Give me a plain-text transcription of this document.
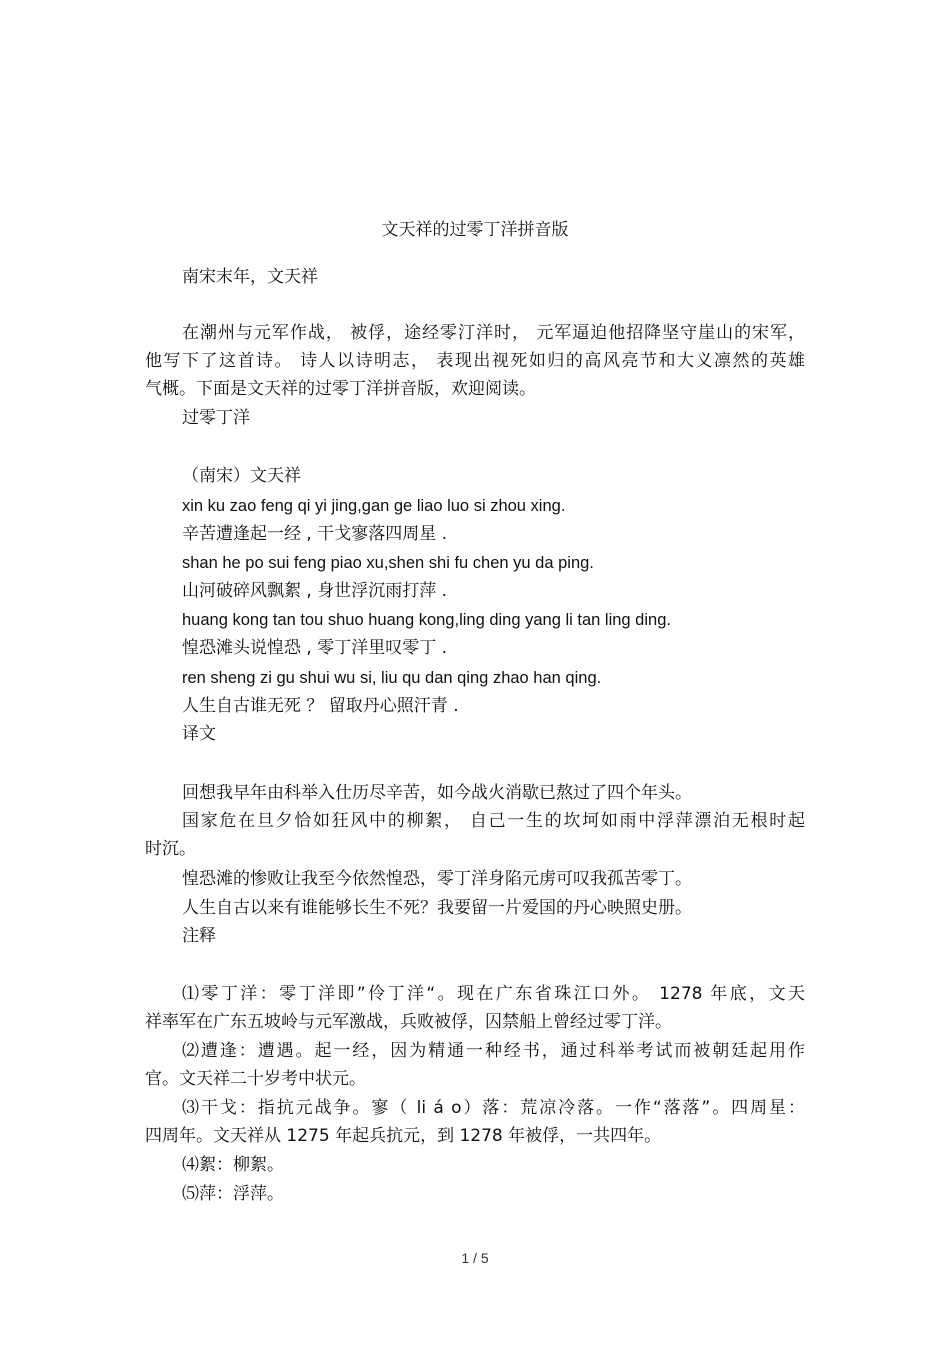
文天祥的过零丁洋拼音版
南宋末年，文天祥
在潮州与元军作战， 被俘，途经零汀洋时， 元军逼迫他招降坚守崖山的宋军，
他写下了这首诗。 诗人以诗明志， 表现出视死如归的高风亮节和大义凛然的英雄
气概。下面是文天祥的过零丁洋拼音版，欢迎阅读。
过零丁洋
（南宋）文天祥
xin ku zao feng qi yi jing,gan ge liao luo si zhou xing.
辛苦遭逢起一经 , 干戈寥落四周星 .
shan he po sui feng piao xu,shen shi fu chen yu da ping.
山河破碎风飘絮 , 身世浮沉雨打萍 .
huang kong tan tou shuo huang kong,ling ding yang li tan ling ding.
惶恐滩头说惶恐 , 零丁洋里叹零丁 .
ren sheng zi gu shui wu si, liu qu dan qing zhao han qing.
人生自古谁无死 ？ 留取丹心照汗青 .
译文
回想我早年由科举入仕历尽辛苦，如今战火消歇已熬过了四个年头。
国家危在旦夕恰如狂风中的柳絮， 自己一生的坎坷如雨中浮萍漂泊无根时起
时沉。
惶恐滩的惨败让我至今依然惶恐，零丁洋身陷元虏可叹我孤苦零丁。
人生自古以来有谁能够长生不死？我要留一片爱国的丹心映照史册。
注释
⑴零丁洋：零丁洋即”伶丁洋“。现在广东省珠江口外。 1278 年底，文天
祥率军在广东五坡岭与元军激战，兵败被俘，囚禁船上曾经过零丁洋。
⑵遭逢：遭遇。起一经，因为精通一种经书，通过科举考试而被朝廷起用作
官。文天祥二十岁考中状元。
⑶干戈：指抗元战争。寥（ li á o）落：荒凉冷落。一作“落落”。四周星：
四周年。文天祥从 1275 年起兵抗元，到 1278 年被俘，一共四年。
⑷絮：柳絮。
⑸萍：浮萍。
1 / 5
